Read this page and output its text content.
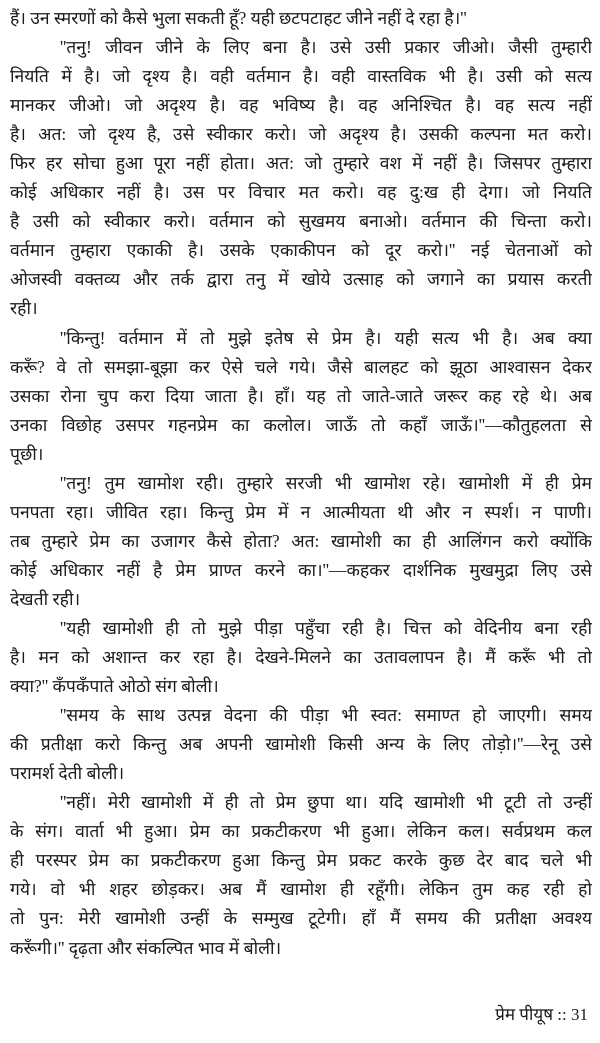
हैं। उन स्मरणों को कैसे भुला सकती हूँ? यही छटपटाहट जीने नहीं दे रहा है।''
''तनु! जीवन जीने के लिए बना है। उसे उसी प्रकार जीओ। जैसी तुम्हारी
नियति में है। जो दृश्य है। वही वर्तमान है। वही वास्तविक भी है। उसी को सत्य
मानकर जीओ। जो अदृश्य है। वह भविष्य है। वह अनिश्चित है। वह सत्य नहीं
है। अत: जो दृश्य है, उसे स्वीकार करो। जो अदृश्य है। उसकी कल्पना मत करो।
फिर हर सोचा हुआ पूरा नहीं होता। अत: जो तुम्हारे वश में नहीं है। जिसपर तुम्हारा
कोई अधिकार नहीं है। उस पर विचार मत करो। वह दु:ख ही देगा। जो नियति
है उसी को स्वीकार करो। वर्तमान को सुखमय बनाओ। वर्तमान की चिन्ता करो।
वर्तमान तुम्हारा एकाकी है। उसके एकाकीपन को दूर करो।'' नई चेतनाओं को
ओजस्वी वक्तव्य और तर्क द्वारा तनु में खोये उत्साह को जगाने का प्रयास करती
रही।
''किन्तु! वर्तमान में तो मुझे इतेष से प्रेम है। यही सत्य भी है। अब क्या
करूँ? वे तो समझा-बूझा कर ऐसे चले गये। जैसे बालहट को झूठा आश्वासन देकर
उसका रोना चुप करा दिया जाता है। हाँ। यह तो जाते-जाते जरूर कह रहे थे। अब
उनका विछोह उसपर गहनप्रेम का कलोल। जाऊँ तो कहाँ जाऊँ।''—कौतुहलता से
पूछी।
''तनु! तुम खामोश रही। तुम्हारे सरजी भी खामोश रहे। खामोशी में ही प्रेम
पनपता रहा। जीवित रहा। किन्तु प्रेम में न आत्मीयता थी और न स्पर्श। न पाणी।
तब तुम्हारे प्रेम का उजागर कैसे होता? अत: खामोशी का ही आलिंगन करो क्योंकि
कोई अधिकार नहीं है प्रेम प्राण्त करने का।''—कहकर दार्शनिक मुखमुद्रा लिए उसे
देखती रही।
''यही खामोशी ही तो मुझे पीड़ा पहुँचा रही है। चित्त को वेदिनीय बना रही
है। मन को अशान्त कर रहा है। देखने-मिलने का उतावलापन है। मैं करूँ भी तो
क्या?'' कँपकँपाते ओठो संग बोली।
''समय के साथ उत्पन्न वेदना की पीड़ा भी स्वत: समाण्त हो जाएगी। समय
की प्रतीक्षा करो किन्तु अब अपनी खामोशी किसी अन्य के लिए तोड़ो।''—रेनू उसे
परामर्श देती बोली।
''नहीं। मेरी खामोशी में ही तो प्रेम छुपा था। यदि खामोशी भी टूटी तो उन्हीं
के संग। वार्ता भी हुआ। प्रेम का प्रकटीकरण भी हुआ। लेकिन कल। सर्वप्रथम कल
ही परस्पर प्रेम का प्रकटीकरण हुआ किन्तु प्रेम प्रकट करके कुछ देर बाद चले भी
गये। वो भी शहर छोड़कर। अब मैं खामोश ही रहूँगी। लेकिन तुम कह रही हो
तो पुन: मेरी खामोशी उन्हीं के सम्मुख टूटेगी। हाँ मैं समय की प्रतीक्षा अवश्य
करूँगी।'' दृढ़ता और संकल्पित भाव में बोली।
प्रेम पीयूष :: 31
